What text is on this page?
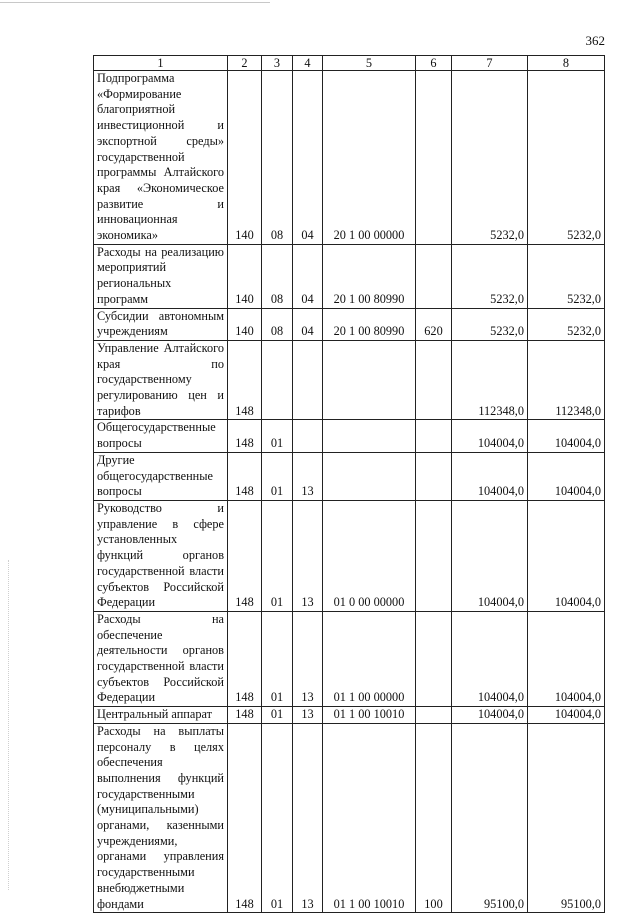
362
1	2	3	4	5	6	7	8
Подпрограмма «Формирование благоприятной инвестиционной и экспортной среды» государственной программы Алтайского края «Экономическое развитие и инновационная экономика»	140	08	04	20 1 00 00000		5232,0	5232,0
Расходы на реализацию мероприятий региональных программ	140	08	04	20 1 00 80990		5232,0	5232,0
Субсидии автономным учреждениям	140	08	04	20 1 00 80990	620	5232,0	5232,0
Управление Алтайского края по государственному регулированию цен и тарифов	148					112348,0	112348,0
Общегосударственные вопросы	148	01				104004,0	104004,0
Другие общегосударственные вопросы	148	01	13			104004,0	104004,0
Руководство и управление в сфере установленных функций органов государственной власти субъектов Российской Федерации	148	01	13	01 0 00 00000		104004,0	104004,0
Расходы на обеспечение деятельности органов государственной власти субъектов Российской Федерации	148	01	13	01 1 00 00000		104004,0	104004,0
Центральный аппарат	148	01	13	01 1 00 10010		104004,0	104004,0
Расходы на выплаты персоналу в целях обеспечения выполнения функций государственными (муниципальными) органами, казенными учреждениями, органами управления государственными внебюджетными фондами	148	01	13	01 1 00 10010	100	95100,0	95100,0
